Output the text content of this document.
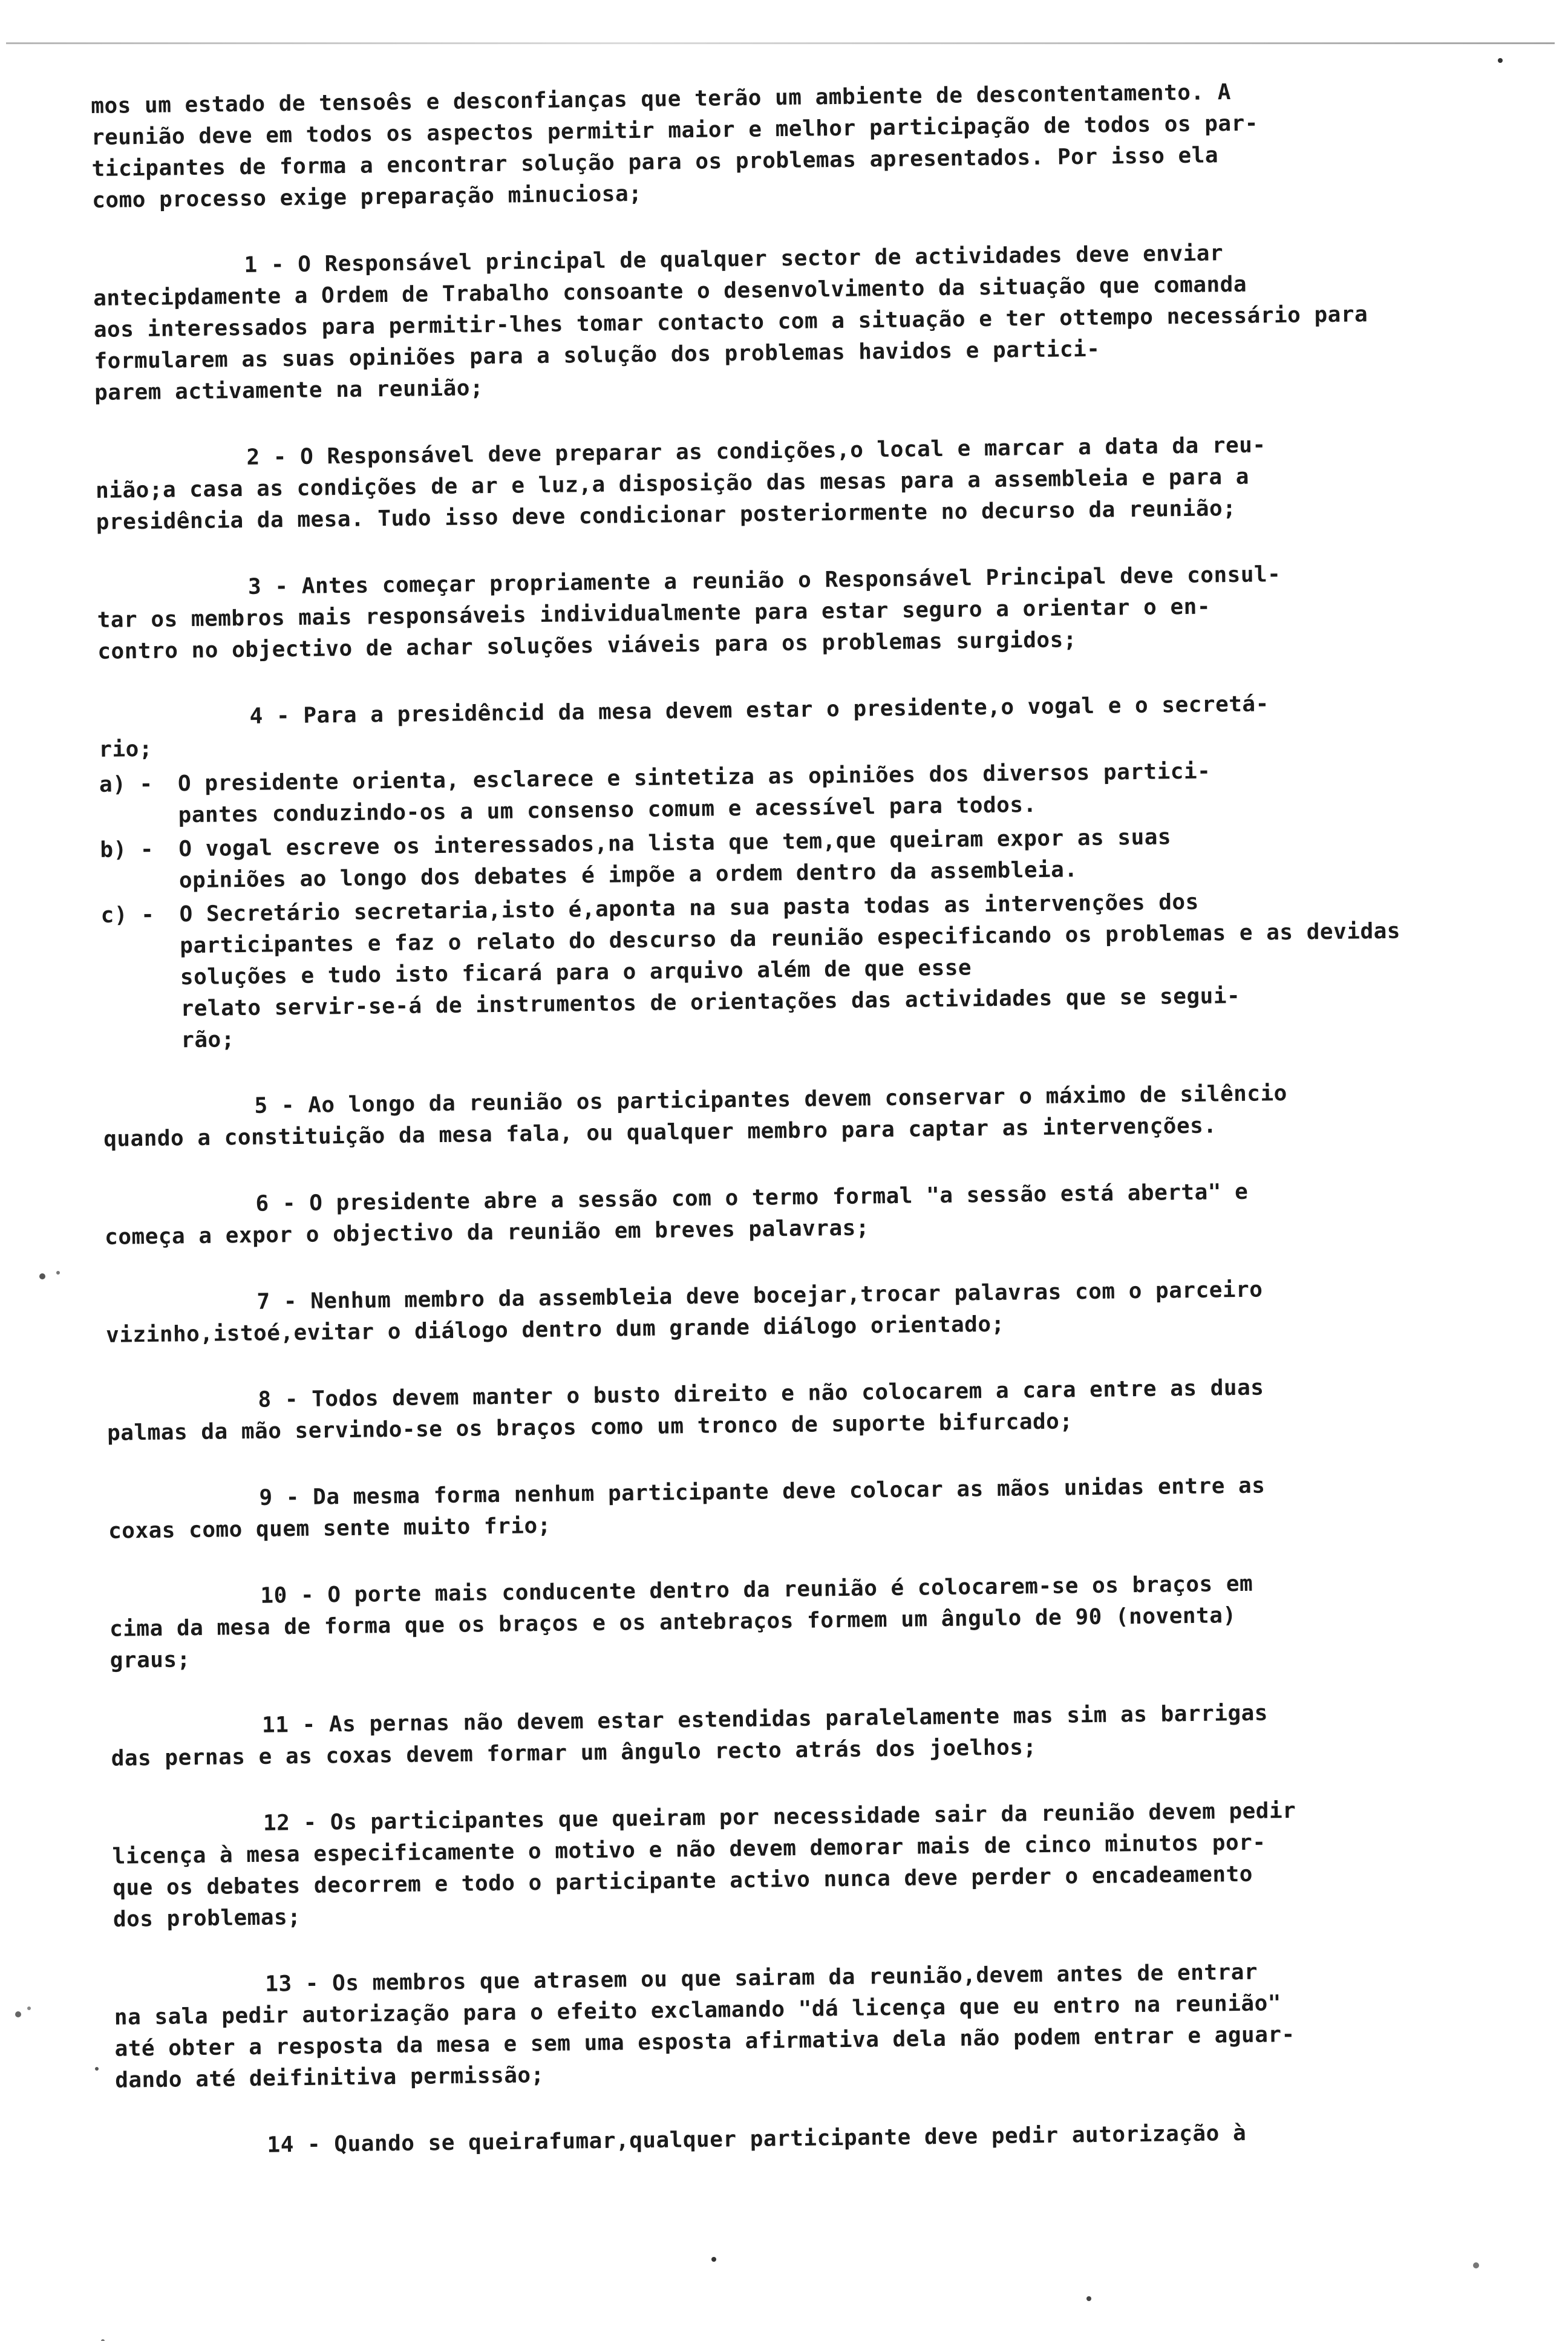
mos um estado de tensoês e desconfianças que terão um ambiente de descontentamento. A
reunião deve em todos os aspectos permitir maior e melhor participação de todos os par-
ticipantes de forma a encontrar solução para os problemas apresentados. Por isso ela
como processo exige preparação minuciosa;

1 - O Responsável principal de qualquer sector de actividades deve enviar
antecipdamente a Ordem de Trabalho consoante o desenvolvimento da situação que comanda
aos interessados para permitir-lhes tomar contacto com a situação e ter ottempo necessário para formularem as suas opiniões para a solução dos problemas havidos e partici-
parem activamente na reunião;

2 - O Responsável deve preparar as condições,o local e marcar a data da reu-
nião;a casa as condições de ar e luz,a disposição das mesas para a assembleia e para a
presidência da mesa. Tudo isso deve condicionar posteriormente no decurso da reunião;

3 - Antes começar propriamente a reunião o Responsável Principal deve consul-
tar os membros mais responsáveis individualmente para estar seguro a orientar o en-
contro no objectivo de achar soluções viáveis para os problemas surgidos;

4 - Para a presidêncid da mesa devem estar o presidente,o vogal e o secretá-
rio;

a) -	O presidente orienta, esclarece e sintetiza as opiniões dos diversos partici-
pantes conduzindo-os a um consenso comum e acessível para todos.
b) -	O vogal escreve os interessados,na lista que tem,que queiram expor as suas
opiniões ao longo dos debates é impõe a ordem dentro da assembleia.
c) -	O Secretário secretaria,isto é,aponta na sua pasta todas as intervenções dos
participantes e faz o relato do descurso da reunião especificando os problemas e as devidas soluções e tudo isto ficará para o arquivo além de que esse
relato servir-se-á de instrumentos de orientações das actividades que se segui-
rão;

5 - Ao longo da reunião os participantes devem conservar o máximo de silêncio
quando a constituição da mesa fala, ou qualquer membro para captar as intervenções.

6 - O presidente abre a sessão com o termo formal "a sessão está aberta" e
começa a expor o objectivo da reunião em breves palavras;

7 - Nenhum membro da assembleia deve bocejar,trocar palavras com o parceiro
vizinho,istoé,evitar o diálogo dentro dum grande diálogo orientado;

8 - Todos devem manter o busto direito e não colocarem a cara entre as duas
palmas da mão servindo-se os braços como um tronco de suporte bifurcado;

9 - Da mesma forma nenhum participante deve colocar as mãos unidas entre as
coxas como quem sente muito frio;

10 - O porte mais conducente dentro da reunião é colocarem-se os braços em
cima da mesa de forma que os braços e os antebraços formem um ângulo de 90 (noventa)
graus;

11 - As pernas não devem estar estendidas paralelamente mas sim as barrigas
das pernas e as coxas devem formar um ângulo recto atrás dos joelhos;

12 - Os participantes que queiram por necessidade sair da reunião devem pedir
licença à mesa especificamente o motivo e não devem demorar mais de cinco minutos por-
que os debates decorrem e todo o participante activo nunca deve perder o encadeamento
dos problemas;

13 - Os membros que atrasem ou que sairam da reunião,devem antes de entrar
na sala pedir autorização para o efeito exclamando "dá licença que eu entro na reunião"
até obter a resposta da mesa e sem uma esposta afirmativa dela não podem entrar e aguar-
dando até deifinitiva permissão;

14 - Quando se queirafumar,qualquer participante deve pedir autorização à
